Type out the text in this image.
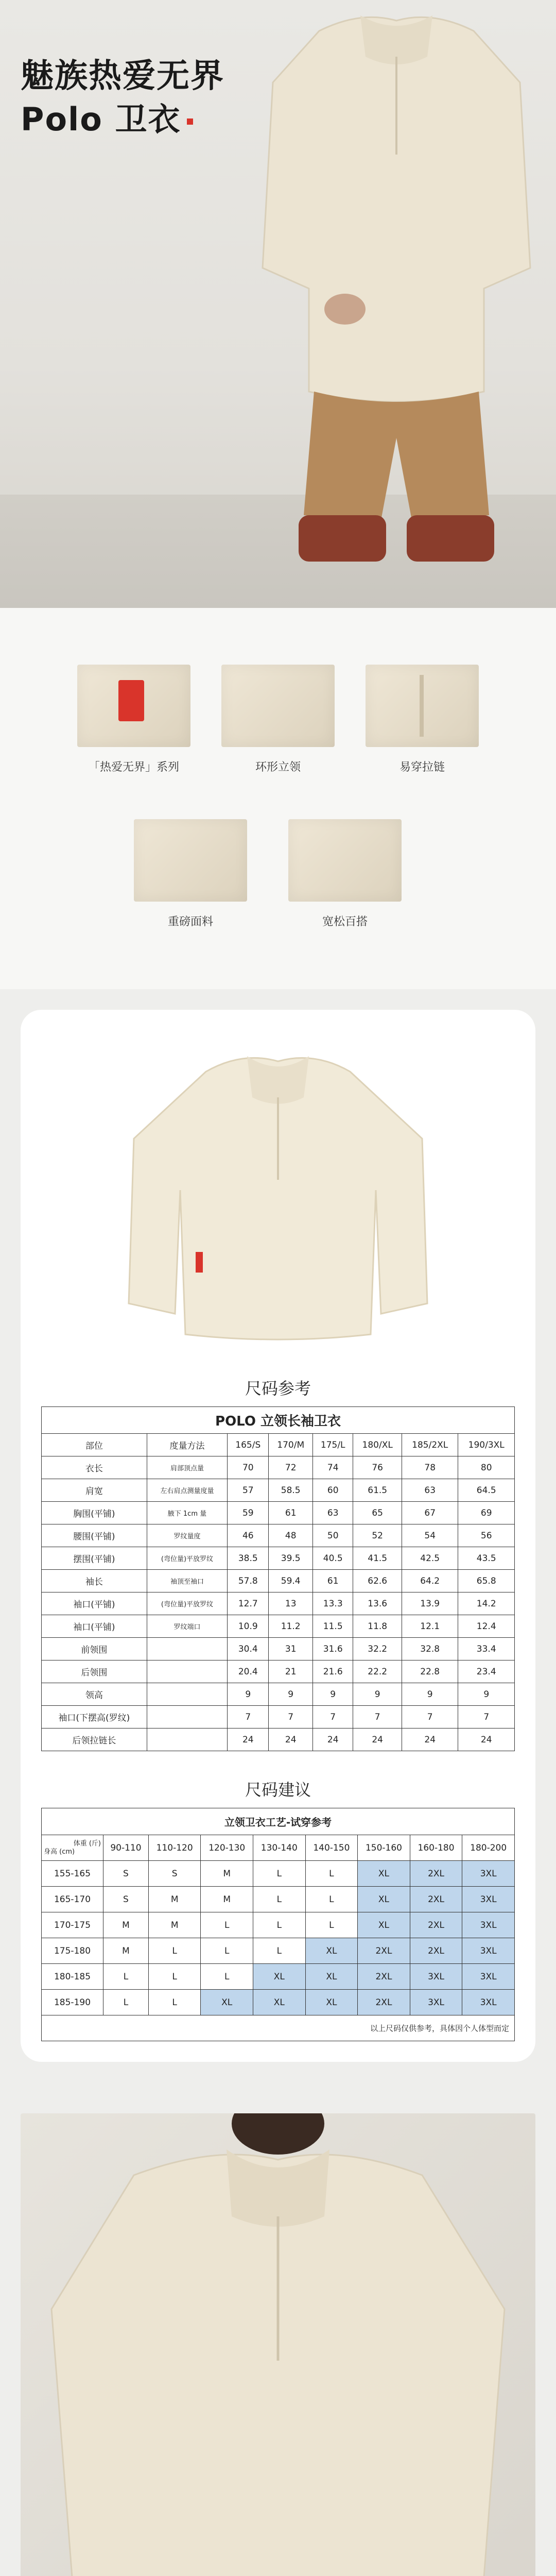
魅族热爱无界
Polo 卫衣
「热爱无界」系列	环形立领	易穿拉链
重磅面料	宽松百搭
尺码参考
POLO 立领长袖卫衣							
部位	度量方法	165/S	170/M	175/L	180/XL	185/2XL	190/3XL
衣长	肩部顶点量	70	72	74	76	78	80
肩宽	左右肩点测量度量	57	58.5	60	61.5	63	64.5
胸围(平铺)	腋下 1cm 量	59	61	63	65	67	69
腰围(平铺)	罗纹量度	46	48	50	52	54	56
摆围(平铺)	(弯位量)平放罗纹	38.5	39.5	40.5	41.5	42.5	43.5
袖长	袖顶至袖口	57.8	59.4	61	62.6	64.2	65.8
袖口(平铺)	(弯位量)平放罗纹	12.7	13	13.3	13.6	13.9	14.2
袖口(平铺)	罗纹端口	10.9	11.2	11.5	11.8	12.1	12.4
前领围		30.4	31	31.6	32.2	32.8	33.4
后领围		20.4	21	21.6	22.2	22.8	23.4
领高		9	9	9	9	9	9
袖口(下摆高(罗纹)		7	7	7	7	7	7
后领拉链长		24	24	24	24	24	24
尺码建议
立领卫衣工艺-试穿参考								

体重 (斤)
身高 (cm)	90-110	110-120	120-130	130-140	140-150	150-160	160-180	180-200
155-165	S	S	M	L	L	XL	2XL	3XL
165-170	S	M	M	L	L	XL	2XL	3XL
170-175	M	M	L	L	L	XL	2XL	3XL
175-180	M	L	L	L	XL	2XL	2XL	3XL
180-185	L	L	L	XL	XL	2XL	3XL	3XL
185-190	L	L	XL	XL	XL	2XL	3XL	3XL
以上尺码仅供参考，具体因个人体型而定								
